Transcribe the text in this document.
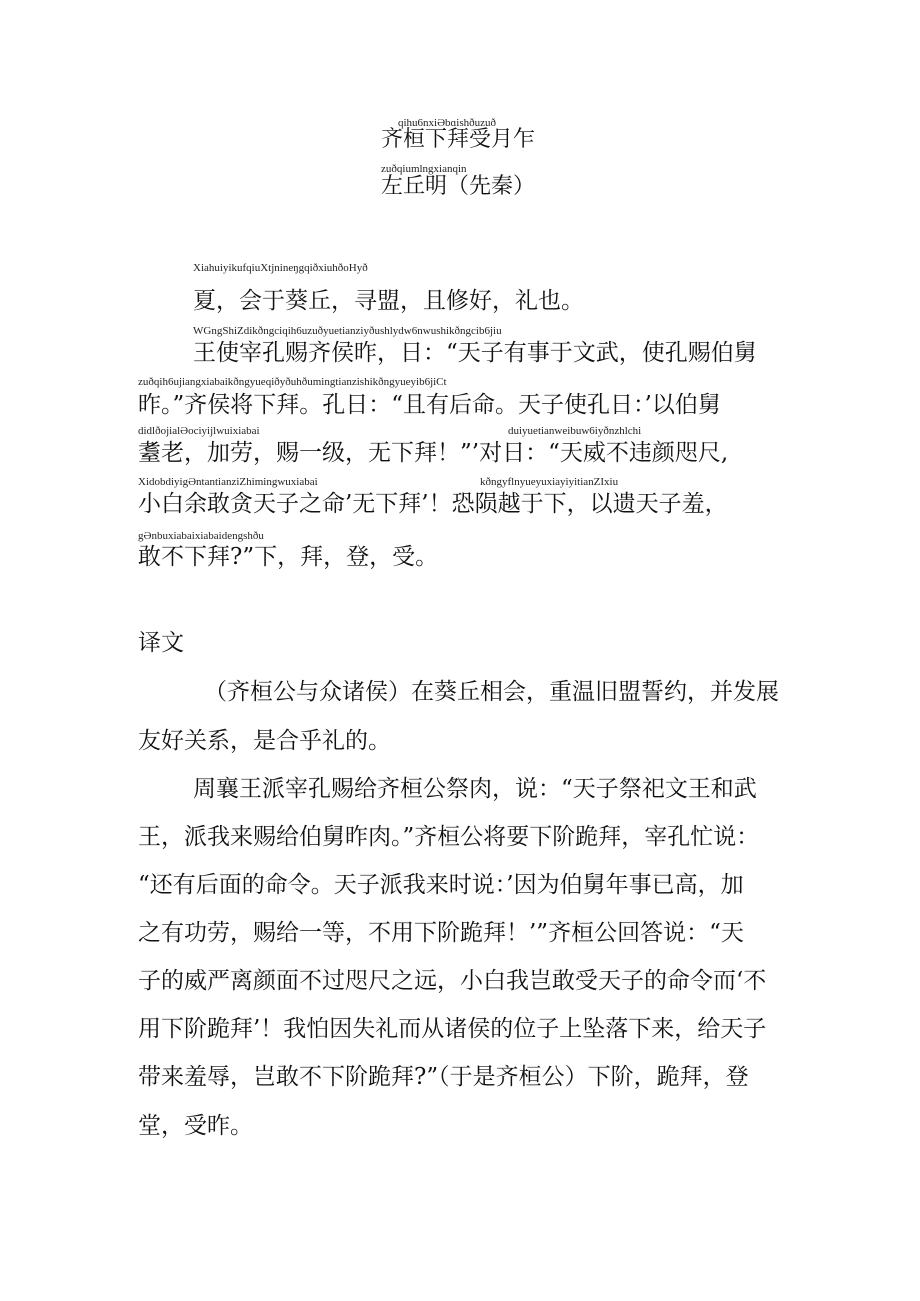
qihu6nxiƏbɑishðuzuð
齐桓下拜受月乍
zuðqiumlngxianqin
左丘明（先秦）
XiahuiyikufqiuXtjnineŋgqiðxiuhðoHyð
夏，会于葵丘，寻盟，且修好，礼也。
WGngShiZdikðngciqih6uzuðyuetianziyðushlydw6nwushikðngcib6jiu
王使宰孔赐齐侯昨，日：“天子有事于文武，使孔赐伯舅
zuðqih6ujiangxiabaikðngyueqiðyðuhðumingtianzishikðngyueyib6jiCt
昨。”齐侯将下拜。孔日：“且有后命。天子使孔日：’以伯舅
didlðojialƏociyijlwuixiabai	duiyuetianweibuw6iyðnzhlchi
耋老，加劳，赐一级，无下拜！”’对日：“天威不违颜咫尺,
XidobdiyigƏntantianziZhimingwuxiabai	kðngyflnyueyuxiayiyitianZIxiu
小白余敢贪天子之命’无下拜’！恐陨越于下，以遗天子羞，
gƏnbuxiabaixiabaidengshðu
敢不下拜?”下，拜，登，受。
译文
（齐桓公与众诸侯）在葵丘相会，重温旧盟誓约，并发展
友好关系，是合乎礼的。
周襄王派宰孔赐给齐桓公祭肉，说：“天子祭祀文王和武
王，派我来赐给伯舅昨肉。”齐桓公将要下阶跪拜，宰孔忙说：
“还有后面的命令。天子派我来时说：’因为伯舅年事已高，加
之有功劳，赐给一等，不用下阶跪拜！’”齐桓公回答说：“天
子的威严离颜面不过咫尺之远，小白我岂敢受天子的命令而‘不
用下阶跪拜’！我怕因失礼而从诸侯的位子上坠落下来，给天子
带来羞辱，岂敢不下阶跪拜?”（于是齐桓公）下阶，跪拜，登
堂，受昨。
